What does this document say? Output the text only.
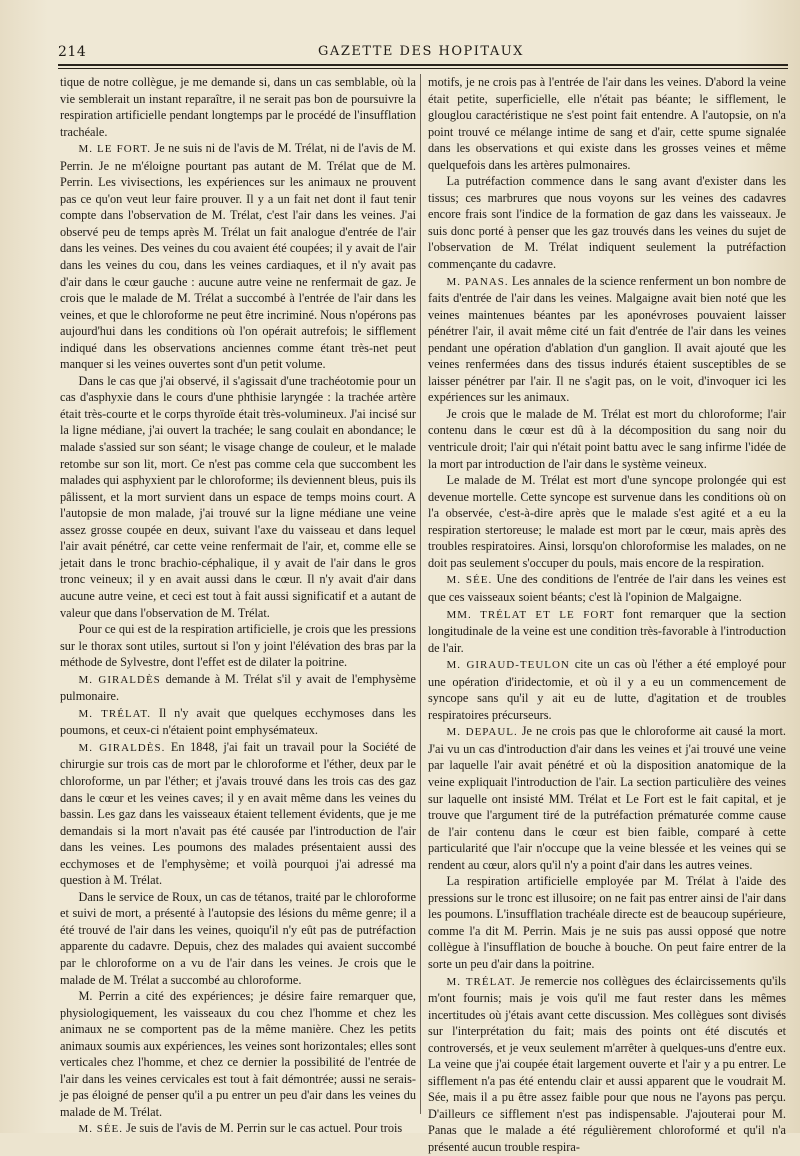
214	GAZETTE DES HOPITAUX

tique de notre collègue, je me demande si, dans un cas semblable, où la vie semblerait un instant reparaître, il ne serait pas bon de poursuivre la respiration artificielle pendant longtemps par le procédé de l'insufflation trachéale.

M. LE FORT. Je ne suis ni de l'avis de M. Trélat, ni de l'avis de M. Perrin. Je ne m'éloigne pourtant pas autant de M. Trélat que de M. Perrin. Les vivisections, les expériences sur les animaux ne prouvent pas ce qu'on veut leur faire prouver. Il y a un fait net dont il faut tenir compte dans l'observation de M. Trélat, c'est l'air dans les veines. J'ai observé peu de temps après M. Trélat un fait analogue d'entrée de l'air dans les veines. Des veines du cou avaient été coupées; il y avait de l'air dans les veines du cou, dans les veines cardiaques, et il n'y avait pas d'air dans le cœur gauche : aucune autre veine ne renfermait de gaz. Je crois que le malade de M. Trélat a succombé à l'entrée de l'air dans les veines, et que le chloroforme ne peut être incriminé. Nous n'opérons pas aujourd'hui dans les conditions où l'on opérait autrefois; le sifflement indiqué dans les observations anciennes comme étant très-net peut manquer si les veines ouvertes sont d'un petit volume.

Dans le cas que j'ai observé, il s'agissait d'une trachéotomie pour un cas d'asphyxie dans le cours d'une phthisie laryngée : la trachée artère était très-courte et le corps thyroïde était très-volumineux. J'ai incisé sur la ligne médiane, j'ai ouvert la trachée; le sang coulait en abondance; le malade s'assied sur son séant; le visage change de couleur, et le malade retombe sur son lit, mort. Ce n'est pas comme cela que succombent les malades qui asphyxient par le chloroforme; ils deviennent bleus, puis ils pâlissent, et la mort survient dans un espace de temps moins court. A l'autopsie de mon malade, j'ai trouvé sur la ligne médiane une veine assez grosse coupée en deux, suivant l'axe du vaisseau et dans lequel l'air avait pénétré, car cette veine renfermait de l'air, et, comme elle se jetait dans le tronc brachio-céphalique, il y avait de l'air dans le gros tronc veineux; il y en avait aussi dans le cœur. Il n'y avait d'air dans aucune autre veine, et ceci est tout à fait aussi significatif et a autant de valeur que dans l'observation de M. Trélat.

Pour ce qui est de la respiration artificielle, je crois que les pressions sur le thorax sont utiles, surtout si l'on y joint l'élévation des bras par la méthode de Sylvestre, dont l'effet est de dilater la poitrine.

M. GIRALDÈS demande à M. Trélat s'il y avait de l'emphysème pulmonaire.

M. TRÉLAT. Il n'y avait que quelques ecchymoses dans les poumons, et ceux-ci n'étaient point emphysémateux.

M. GIRALDÈS. En 1848, j'ai fait un travail pour la Société de chirurgie sur trois cas de mort par le chloroforme et l'éther, deux par le chloroforme, un par l'éther; et j'avais trouvé dans les trois cas des gaz dans le cœur et les veines caves; il y en avait même dans les veines du bassin. Les gaz dans les vaisseaux étaient tellement évidents, que je me demandais si la mort n'avait pas été causée par l'introduction de l'air dans les veines. Les poumons des malades présentaient aussi des ecchymoses et de l'emphysème; et voilà pourquoi j'ai adressé ma question à M. Trélat.

Dans le service de Roux, un cas de tétanos, traité par le chloroforme et suivi de mort, a présenté à l'autopsie des lésions du même genre; il a été trouvé de l'air dans les veines, quoiqu'il n'y eût pas de putréfaction apparente du cadavre. Depuis, chez des malades qui avaient succombé par le chloroforme on a vu de l'air dans les veines. Je crois que le malade de M. Trélat a succombé au chloroforme.

M. Perrin a cité des expériences; je désire faire remarquer que, physiologiquement, les vaisseaux du cou chez l'homme et chez les animaux ne se comportent pas de la même manière. Chez les petits animaux soumis aux expériences, les veines sont horizontales; elles sont verticales chez l'homme, et chez ce dernier la possibilité de l'entrée de l'air dans les veines cervicales est tout à fait démontrée; aussi ne serais-je pas éloigné de penser qu'il a pu entrer un peu d'air dans les veines du malade de M. Trélat.

M. SÉE. Je suis de l'avis de M. Perrin sur le cas actuel. Pour trois

motifs, je ne crois pas à l'entrée de l'air dans les veines. D'abord la veine était petite, superficielle, elle n'était pas béante; le sifflement, le glouglou caractéristique ne s'est point fait entendre. A l'autopsie, on n'a point trouvé ce mélange intime de sang et d'air, cette spume signalée dans les observations et qui existe dans les grosses veines et même quelquefois dans les artères pulmonaires.

La putréfaction commence dans le sang avant d'exister dans les tissus; ces marbrures que nous voyons sur les veines des cadavres encore frais sont l'indice de la formation de gaz dans les vaisseaux. Je suis donc porté à penser que les gaz trouvés dans les veines du sujet de l'observation de M. Trélat indiquent seulement la putréfaction commençante du cadavre.

M. PANAS. Les annales de la science renferment un bon nombre de faits d'entrée de l'air dans les veines. Malgaigne avait bien noté que les veines maintenues béantes par les aponévroses pouvaient laisser pénétrer l'air, il avait même cité un fait d'entrée de l'air dans les veines pendant une opération d'ablation d'un ganglion. Il avait ajouté que les veines renfermées dans des tissus indurés étaient susceptibles de se laisser pénétrer par l'air. Il ne s'agit pas, on le voit, d'invoquer ici les expériences sur les animaux.

Je crois que le malade de M. Trélat est mort du chloroforme; l'air contenu dans le cœur est dû à la décomposition du sang noir du ventricule droit; l'air qui n'était point battu avec le sang infirme l'idée de la mort par introduction de l'air dans le système veineux.

Le malade de M. Trélat est mort d'une syncope prolongée qui est devenue mortelle. Cette syncope est survenue dans les conditions où on l'a observée, c'est-à-dire après que le malade s'est agité et a eu la respiration stertoreuse; le malade est mort par le cœur, mais après des troubles respiratoires. Ainsi, lorsqu'on chloroformise les malades, on ne doit pas seulement s'occuper du pouls, mais encore de la respiration.

M. SÉE. Une des conditions de l'entrée de l'air dans les veines est que ces vaisseaux soient béants; c'est là l'opinion de Malgaigne.

MM. TRÉLAT ET LE FORT font remarquer que la section longitudinale de la veine est une condition très-favorable à l'introduction de l'air.

M. GIRAUD-TEULON cite un cas où l'éther a été employé pour une opération d'iridectomie, et où il y a eu un commencement de syncope sans qu'il y ait eu de lutte, d'agitation et de troubles respiratoires précurseurs.

M. DEPAUL. Je ne crois pas que le chloroforme ait causé la mort. J'ai vu un cas d'introduction d'air dans les veines et j'ai trouvé une veine par laquelle l'air avait pénétré et où la disposition anatomique de la veine expliquait l'introduction de l'air. La section particulière des veines sur laquelle ont insisté MM. Trélat et Le Fort est le fait capital, et je trouve que l'argument tiré de la putréfaction prématurée comme cause de l'air contenu dans le cœur est bien faible, comparé à cette particularité que l'air n'occupe que la veine blessée et les veines qui se rendent au cœur, alors qu'il n'y a point d'air dans les autres veines.

La respiration artificielle employée par M. Trélat à l'aide des pressions sur le tronc est illusoire; on ne fait pas entrer ainsi de l'air dans les poumons. L'insufflation trachéale directe est de beaucoup supérieure, comme l'a dit M. Perrin. Mais je ne suis pas aussi opposé que notre collègue à l'insufflation de bouche à bouche. On peut faire entrer de la sorte un peu d'air dans la poitrine.

M. TRÉLAT. Je remercie nos collègues des éclaircissements qu'ils m'ont fournis; mais je vois qu'il me faut rester dans les mêmes incertitudes où j'étais avant cette discussion. Mes collègues sont divisés sur l'interprétation du fait; mais des points ont été discutés et controversés, et je veux seulement m'arrêter à quelques-uns d'entre eux. La veine que j'ai coupée était largement ouverte et l'air y a pu entrer. Le sifflement n'a pas été entendu clair et aussi apparent que le voudrait M. Sée, mais il a pu être assez faible pour que nous ne l'ayons pas perçu. D'ailleurs ce sifflement n'est pas indispensable. J'ajouterai pour M. Panas que le malade a été régulièrement chloroformé et qu'il n'a présenté aucun trouble respira-
